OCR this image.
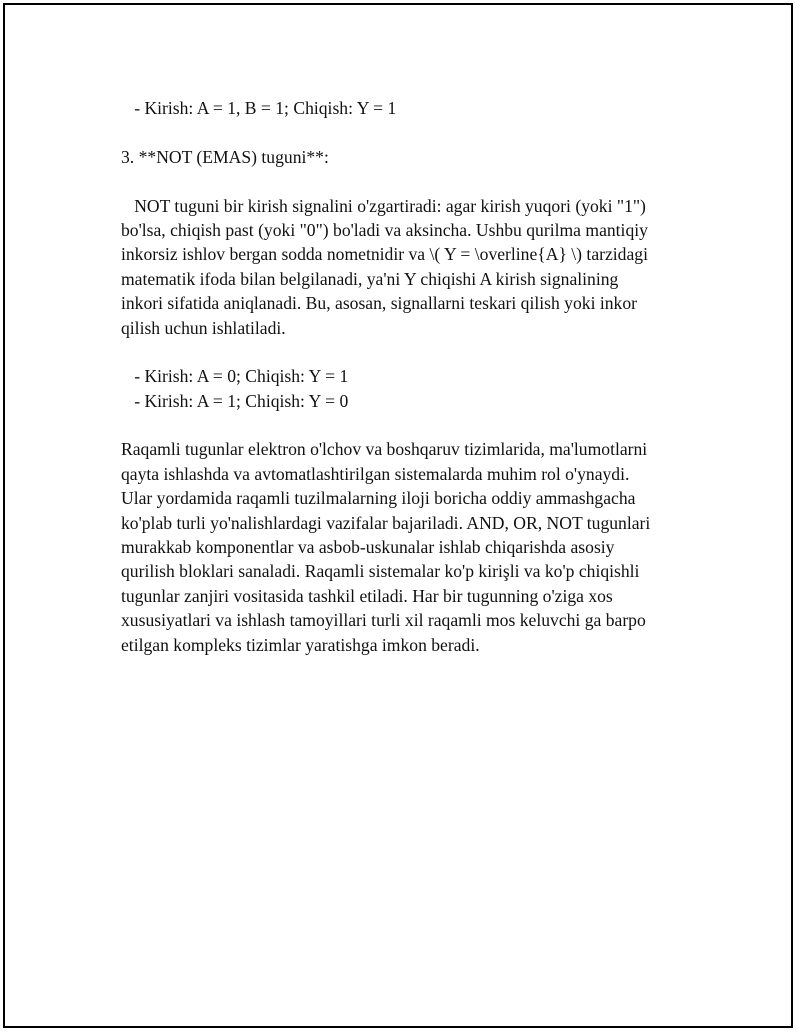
- Kirish: A = 1, B = 1; Chiqish: Y = 1
3. **NOT (EMAS) tuguni**:
NOT tuguni bir kirish signalini o'zgartiradi: agar kirish yuqori (yoki "1")
bo'lsa, chiqish past (yoki "0") bo'ladi va aksincha. Ushbu qurilma mantiqiy
inkorsiz ishlov bergan sodda nometnidir va \( Y = \overline{A} \) tarzidagi
matematik ifoda bilan belgilanadi, ya'ni Y chiqishi A kirish signalining
inkori sifatida aniqlanadi. Bu, asosan, signallarni teskari qilish yoki inkor
qilish uchun ishlatiladi.
- Kirish: A = 0; Chiqish: Y = 1
- Kirish: A = 1; Chiqish: Y = 0
Raqamli tugunlar elektron o'lchov va boshqaruv tizimlarida, ma'lumotlarni
qayta ishlashda va avtomatlashtirilgan sistemalarda muhim rol o'ynaydi.
Ular yordamida raqamli tuzilmalarning iloji boricha oddiy ammashgacha
ko'plab turli yo'nalishlardagi vazifalar bajariladi. AND, OR, NOT tugunlari
murakkab komponentlar va asbob-uskunalar ishlab chiqarishda asosiy
qurilish bloklari sanaladi. Raqamli sistemalar ko'p kirişli va ko'p chiqishli
tugunlar zanjiri vositasida tashkil etiladi. Har bir tugunning o'ziga xos
xususiyatlari va ishlash tamoyillari turli xil raqamli mos keluvchi ga barpo
etilgan kompleks tizimlar yaratishga imkon beradi.
